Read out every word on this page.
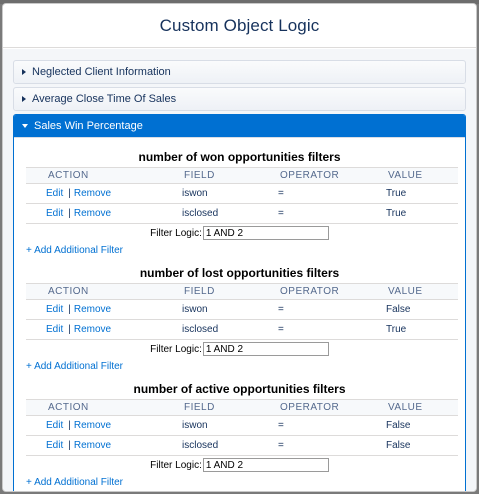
Custom Object Logic
Neglected Client Information
Average Close Time Of Sales
Sales Win Percentage
number of won opportunities filters
ACTION	FIELD	OPERATOR	VALUE
Edit | Remove	iswon	=	True
Edit | Remove	isclosed	=	True
Filter Logic:
1 AND 2
+ Add Additional Filter
number of lost opportunities filters
ACTION	FIELD	OPERATOR	VALUE
Edit | Remove	iswon	=	False
Edit | Remove	isclosed	=	True
Filter Logic:
1 AND 2
+ Add Additional Filter
number of active opportunities filters
ACTION	FIELD	OPERATOR	VALUE
Edit | Remove	iswon	=	False
Edit | Remove	isclosed	=	False
Filter Logic:
1 AND 2
+ Add Additional Filter
